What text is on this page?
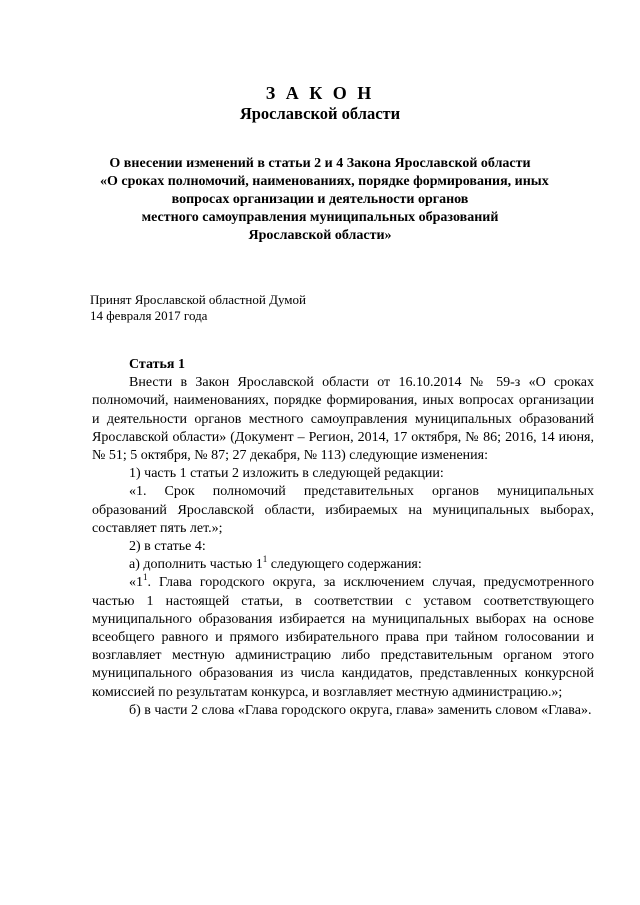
З А К О Н
Ярославской области
О внесении изменений в статьи 2 и 4 Закона Ярославской области
«О сроках полномочий, наименованиях, порядке формирования, иных
вопросах организации и деятельности органов
местного самоуправления муниципальных образований
Ярославской области»
Принят Ярославской областной Думой
14 февраля 2017 года

Статья 1

Внести в Закон Ярославской области от 16.10.2014 № 59-з «О сроках полномочий, наименованиях, порядке формирования, иных вопросах организации и деятельности органов местного самоуправления муниципальных образований Ярославской области» (Документ – Регион, 2014, 17 октября, № 86; 2016, 14 июня, № 51; 5 октября, № 87; 27 декабря, № 113) следующие изменения:

1) часть 1 статьи 2 изложить в следующей редакции:

«1. Срок полномочий представительных органов муниципальных образований Ярославской области, избираемых на муниципальных выборах, составляет пять лет.»;

2) в статье 4:

а) дополнить частью $1^1$ следующего содержания:

«$1^1$. Глава городского округа, за исключением случая, предусмотренного частью 1 настоящей статьи, в соответствии с уставом соответствующего муниципального образования избирается на муниципальных выборах на основе всеобщего равного и прямого избирательного права при тайном голосовании и возглавляет местную администрацию либо представительным органом этого муниципального образования из числа кандидатов, представленных конкурсной комиссией по результатам конкурса, и возглавляет местную администрацию.»;

б) в части 2 слова «Глава городского округа, глава» заменить словом «Глава».
